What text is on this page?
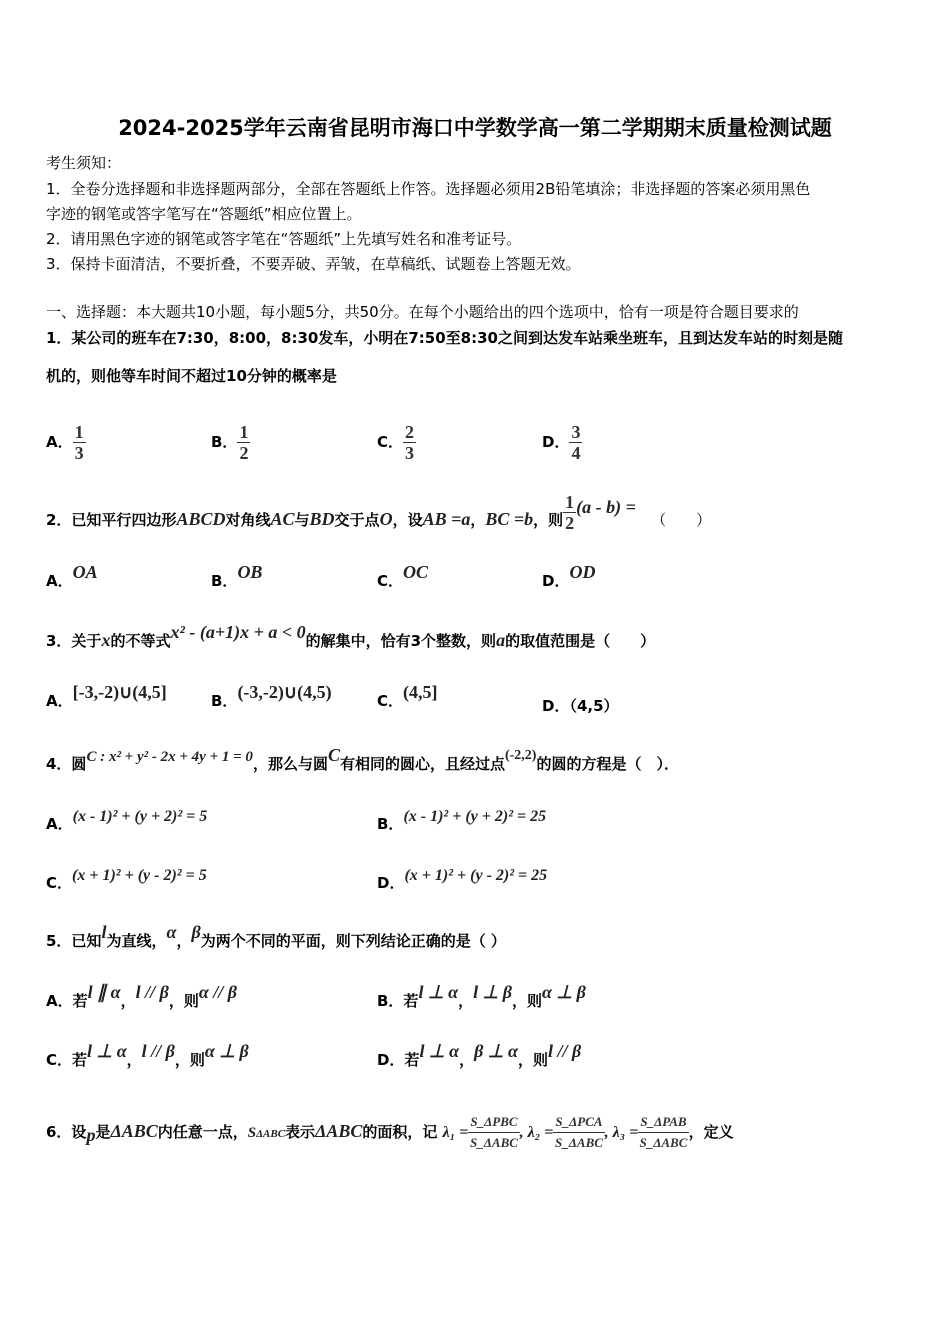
2024-2025学年云南省昆明市海口中学数学高一第二学期期末质量检测试题
考生须知：
1．全卷分选择题和非选择题两部分，全部在答题纸上作答。选择题必须用2B铅笔填涂；非选择题的答案必须用黑色
字迹的钢笔或答字笔写在“答题纸”相应位置上。
2．请用黑色字迹的钢笔或答字笔在“答题纸”上先填写姓名和准考证号。
3．保持卡面清洁，不要折叠，不要弄破、弄皱，在草稿纸、试题卷上答题无效。
一、选择题：本大题共10小题，每小题5分，共50分。在每个小题给出的四个选项中，恰有一项是符合题目要求的
1．某公司的班车在7:30，8:00，8:30发车，小明在7:50至8:30之间到达发车站乘坐班车，且到达发车站的时刻是随
机的，则他等车时间不超过10分钟的概率是
A． $\frac{1}{3}$	B． $\frac{1}{2}$	C． $\frac{2}{3}$	D． $\frac{3}{4}$
2．已知平行四边形ABCD对角线AC与BD交于点O，设AB =a，BC =b，则 $\frac{1}{2} (a - b)$ = （　　）
A．OA	B．OB	C．OC	D．OD
3．关于x的不等式x² - (a+1)x + a < 0的解集中，恰有3个整数，则a的取值范围是（　　）
A．[-3,-2)∪(4,5]	B．(-3,-2)∪(4,5)	C．(4,5]
D．（4,5）
4．圆C : x² + y² - 2x + 4y + 1 = 0，那么与圆C有相同的圆心，且经过点(-2,2)的圆的方程是（　）．
A．(x - 1)² + (y + 2)² = 5	B．(x - 1)² + (y + 2)² = 25
C．(x + 1)² + (y - 2)² = 5	D．(x + 1)² + (y - 2)² = 25
5．已知l为直线，α，β为两个不同的平面，则下列结论正确的是（ ）
A．若l ∥ α，l // β，则α // β	B．若l ⊥ α，l ⊥ β，则α ⊥ β
C．若l ⊥ α，l // β，则α ⊥ β	D．若l ⊥ α，β ⊥ α，则l // β
6．设p是ΔABC内任意一点，SΔABC表示ΔABC的面积，记 $\lambda_1 = \frac{\text{S\_ΔPBC}}{\text{S\_ΔABC}}$ , $\lambda_2 = \frac{\text{S\_ΔPCA}}{\text{S\_ΔABC}}$ , $\lambda_3 = \frac{\text{S\_ΔPAB}}{\text{S\_ΔABC}}$ ，定义
